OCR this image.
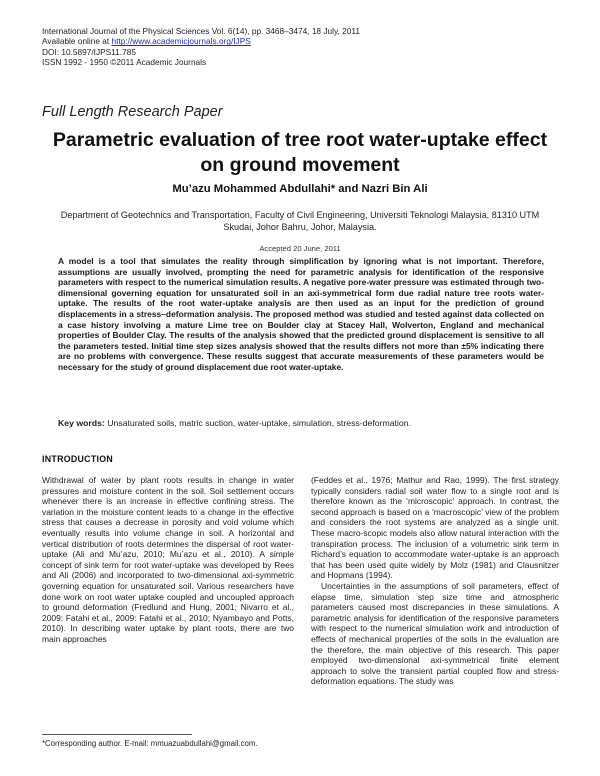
International Journal of the Physical Sciences Vol. 6(14), pp. 3468–3474, 18 July, 2011
Available online at http://www.academicjournals.org/IJPS
DOI: 10.5897/IJPS11.785
ISSN 1992 - 1950 ©2011 Academic Journals
Full Length Research Paper
Parametric evaluation of tree root water-uptake effect on ground movement
Mu’azu Mohammed Abdullahi* and Nazri Bin Ali
Department of Geotechnics and Transportation, Faculty of Civil Engineering, Universiti Teknologi Malaysia, 81310 UTM Skudai, Johor Bahru, Johor, Malaysia.
Accepted 20 June, 2011

A model is a tool that simulates the reality through simplification by ignoring what is not important. Therefore, assumptions are usually involved, prompting the need for parametric analysis for identification of the responsive parameters with respect to the numerical simulation results. A negative pore-water pressure was estimated through two-dimensional governing equation for unsaturated soil in an axi-symmetrical form due radial nature tree roots water-uptake. The results of the root water-uptake analysis are then used as an input for the prediction of ground displacements in a stress–deformation analysis. The proposed method was studied and tested against data collected on a case history involving a mature Lime tree on Boulder clay at Stacey Hall, Wolverton, England and mechanical properties of Boulder Clay. The results of the analysis showed that the predicted ground displacement is sensitive to all the parameters tested. Initial time step sizes analysis showed that the results differs not more than ±5% indicating there are no problems with convergence. These results suggest that accurate measurements of these parameters would be necessary for the study of ground displacement due root water-uptake.

Key words: Unsaturated soils, matric suction, water-uptake, simulation, stress-deformation.
INTRODUCTION

Withdrawal of water by plant roots results in change in water pressures and moisture content in the soil. Soil settlement occurs whenever there is an increase in effective confining stress. The variation in the moisture content leads to a change in the effective stress that causes a decrease in porosity and void volume which eventually results into volume change in soil. A horizontal and vertical distribution of roots determines the dispersal of root water-uptake (Ali and Mu’azu, 2010; Mu’azu et al., 2010). A simple concept of sink term for root water-uptake was developed by Rees and Ali (2006) and incorporated to two-dimensional axi-symmetric governing equation for unsaturated soil. Various researchers have done work on root water uptake coupled and uncoupled approach to ground deformation (Fredlund and Hung, 2001; Nivarro et al., 2009: Fatahi et al., 2009: Fatahi et al., 2010; Nyambayo and Potts, 2010). In describing water uptake by plant roots, there are two main approaches

(Feddes et al., 1976; Mathur and Rao, 1999). The first strategy typically considers radial soil water flow to a single root and is therefore known as the ‘microscopic’ approach. In contrast, the second approach is based on a ‘macroscopic’ view of the problem and considers the root systems are analyzed as a single unit. These macro-scopic models also allow natural interaction with the transpiration process. The inclusion of a volumetric sink term in Richard’s equation to accommodate water-uptake is an approach that has been used quite widely by Molz (1981) and Clausnitzer and Hopmans (1994).

Uncertainties in the assumptions of soil parameters, effect of elapse time, simulation step size time and atmospheric parameters caused most discrepancies in these simulations. A parametric analysis for identification of the responsive parameters with respect to the numerical simulation work and introduction of effects of mechanical properties of the soils in the evaluation are the therefore, the main objective of this research. This paper employed two-dimensional axi-symmetrical finite element approach to solve the transient partial coupled flow and stress-deformation equations. The study was

*Corresponding author. E-mail: mmuazuabdullahi@gmail.com.
